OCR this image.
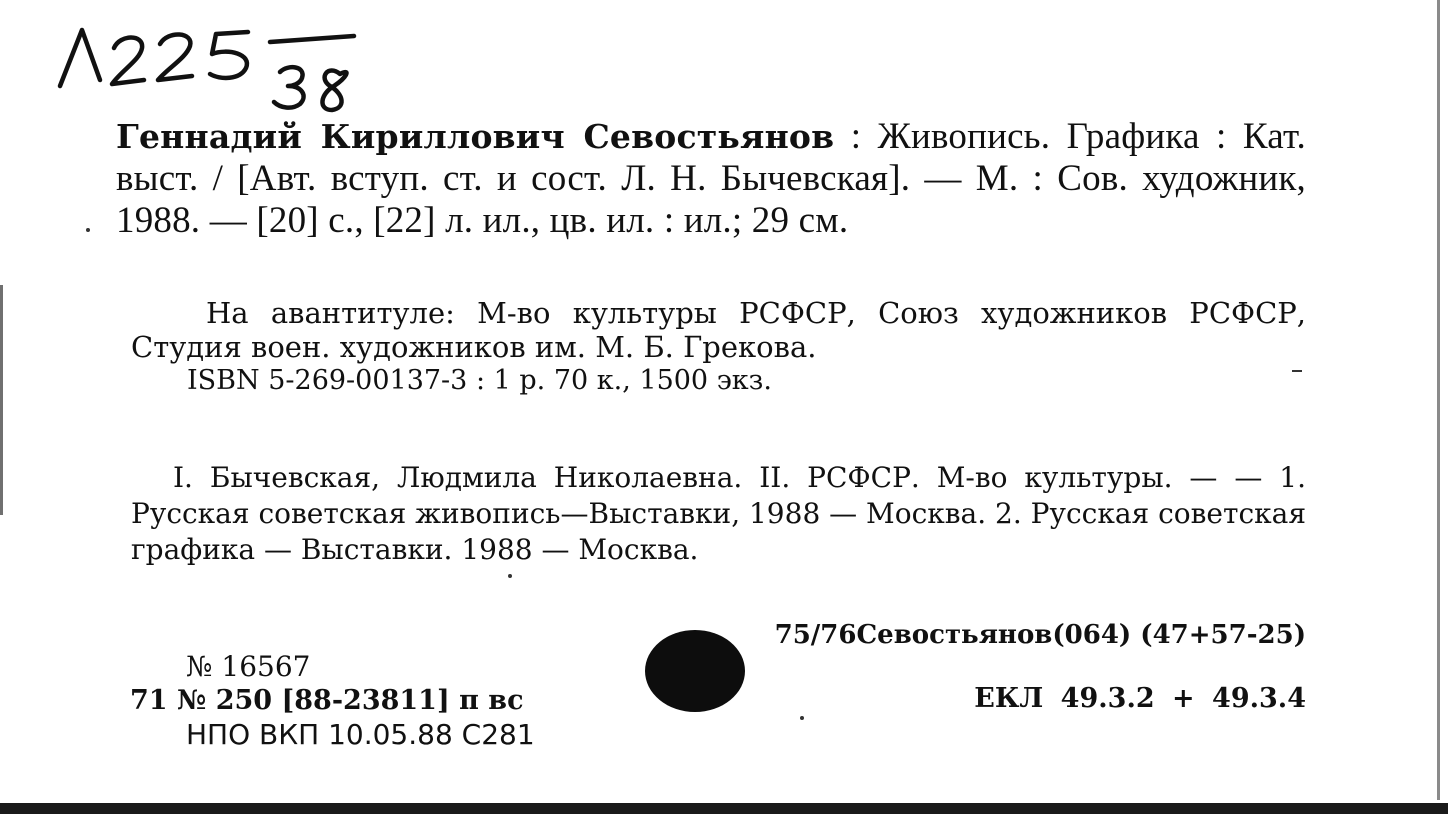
Геннадий Кириллович Севостьянов : Живопись. Графика : Кат. выст. / [Авт. вступ. ст. и сост. Л. Н. Бычевская]. — М. : Сов. художник, 1988. — [20] с., [22] л. ил., цв. ил. : ил.; 29 см.
На авантитуле: М-во культуры РСФСР, Союз художников РСФСР, Студия воен. художников им. М. Б. Грекова.
ISBN 5-269-00137-3 : 1 р. 70 к., 1500 экз.
I. Бычевская, Людмила Николаевна. II. РСФСР. М-во культуры. — — 1. Русская советская живопись—Выставки, 1988 — Москва. 2. Русская советская графика — Выставки. 1988 — Москва.
75/76Севостьянов(064) (47+57-25)
ЕКЛ 49.3.2 + 49.3.4
№ 16567
71 № 250 [88-23811] п вс
НПО ВКП 10.05.88 С281
